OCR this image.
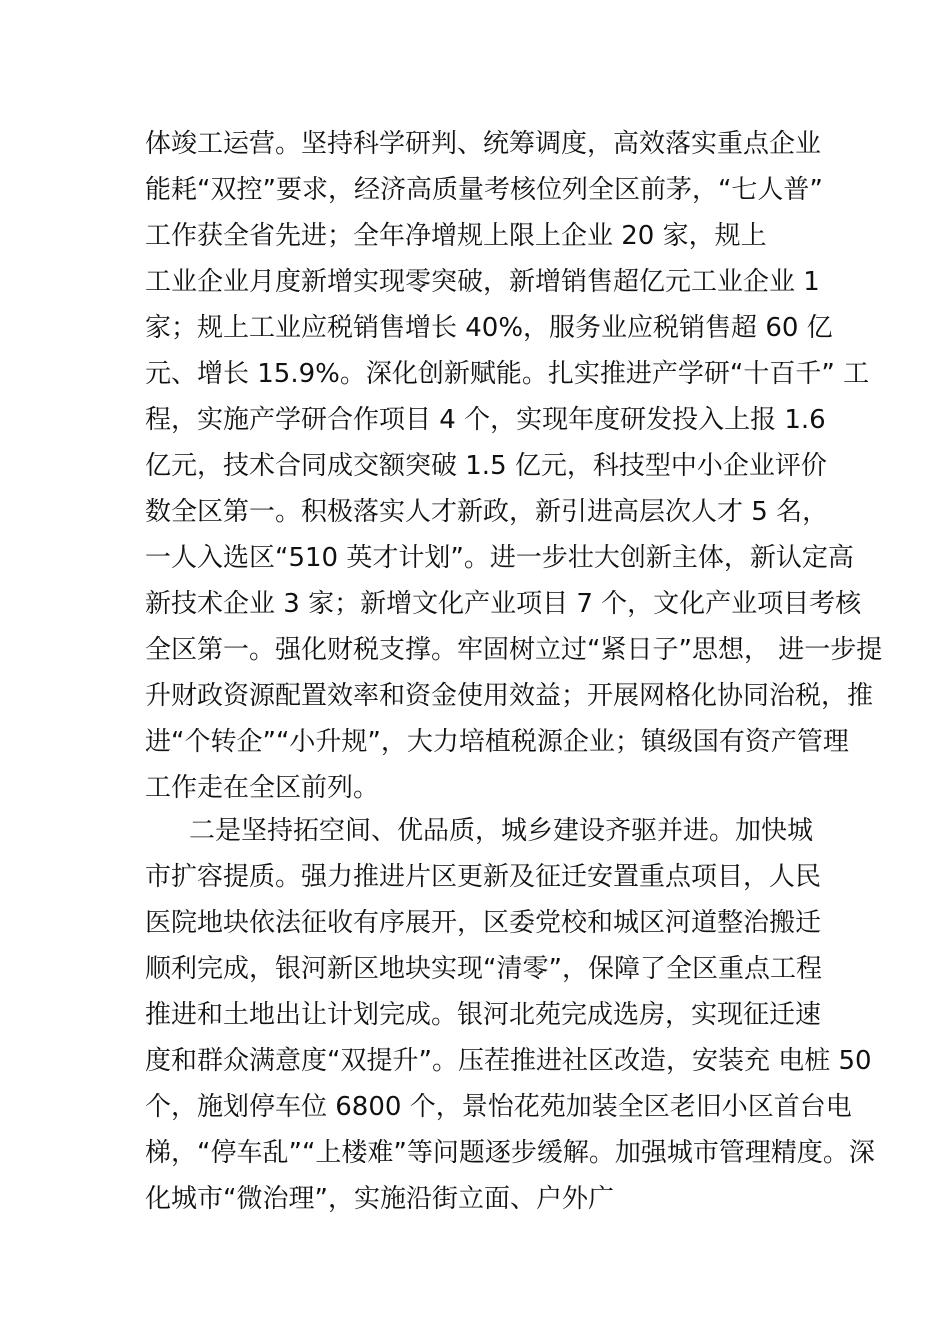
体竣工运营。坚持科学研判、统筹调度，高效落实重点企业
能耗“双控”要求，经济高质量考核位列全区前茅，“七人普”
工作获全省先进；全年净增规上限上企业 20 家，规上
工业企业月度新增实现零突破，新增销售超亿元工业企业 1
家；规上工业应税销售增长 40%，服务业应税销售超 60 亿
元、增长 15.9%。深化创新赋能。扎实推进产学研“十百千” 工
程，实施产学研合作项目 4 个，实现年度研发投入上报 1.6
亿元，技术合同成交额突破 1.5 亿元，科技型中小企业评价
数全区第一。积极落实人才新政，新引进高层次人才 5 名，
一人入选区“510 英才计划”。进一步壮大创新主体，新认定高
新技术企业 3 家；新增文化产业项目 7 个，文化产业项目考核
全区第一。强化财税支撑。牢固树立过“紧日子”思想， 进一步提
升财政资源配置效率和资金使用效益；开展网格化协同治税，推
进“个转企”“小升规”，大力培植税源企业；镇级国有资产管理
工作走在全区前列。
二是坚持拓空间、优品质，城乡建设齐驱并进。加快城
市扩容提质。强力推进片区更新及征迁安置重点项目，人民
医院地块依法征收有序展开，区委党校和城区河道整治搬迁
顺利完成，银河新区地块实现“清零”，保障了全区重点工程
推进和土地出让计划完成。银河北苑完成选房，实现征迁速
度和群众满意度“双提升”。压茬推进社区改造，安装充 电桩 50
个，施划停车位 6800 个，景怡花苑加装全区老旧小区首台电
梯，“停车乱”“上楼难”等问题逐步缓解。加强城市管理精度。深
化城市“微治理”，实施沿街立面、户外广
